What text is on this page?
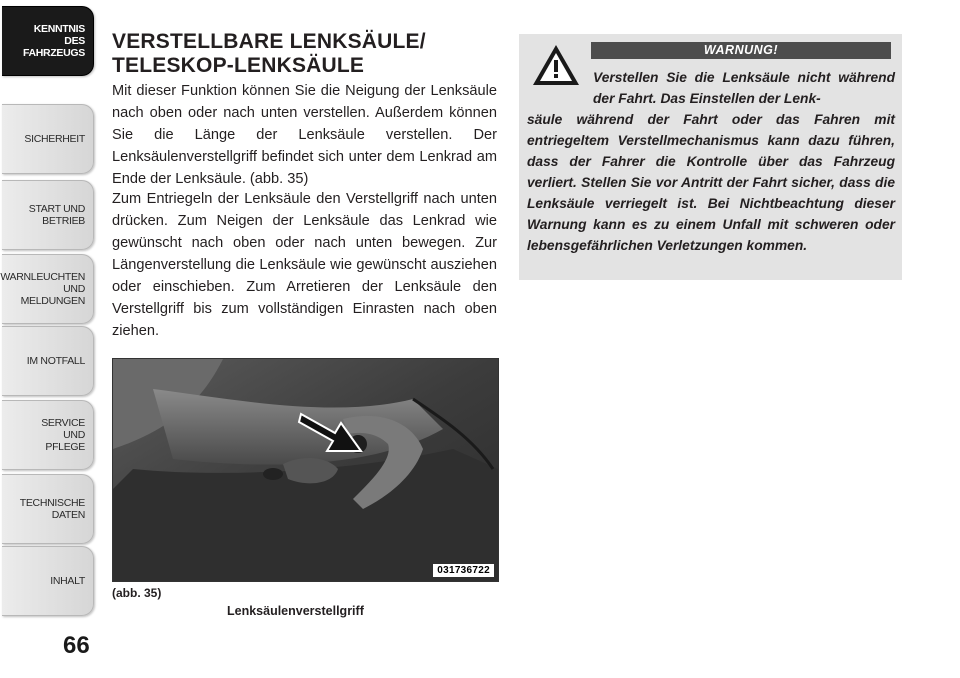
KENNTNIS
DES
FAHRZEUGS
SICHERHEIT
START UND
BETRIEB
WARNLEUCHTEN
UND
MELDUNGEN
IM NOTFALL
SERVICE
UND
PFLEGE
TECHNISCHE
DATEN
INHALT
66
VERSTELLBARE LENKSÄULE/
TELESKOP-LENKSÄULE
Mit dieser Funktion können Sie die Neigung der Lenksäule nach oben oder nach unten verstellen. Außerdem können Sie die Länge der Lenksäule verstellen. Der Lenksäulenverstellgriff befindet sich unter dem Lenkrad am Ende der Lenksäule. (abb. 35)
Zum Entriegeln der Lenksäule den Verstellgriff nach unten drücken. Zum Neigen der Lenksäule das Lenkrad wie gewünscht nach oben oder nach unten bewegen. Zur Längenverstellung die Lenksäule wie gewünscht ausziehen oder einschieben. Zum Arretieren der Lenksäule den Verstellgriff bis zum vollständigen Einrasten nach oben ziehen.
031736722
(abb. 35)
Lenksäulenverstellgriff
WARNUNG!
Verstellen Sie die Lenksäule nicht während der Fahrt. Das Einstellen der Lenk-
säule während der Fahrt oder das Fahren mit entriegeltem Verstellmechanismus kann dazu führen, dass der Fahrer die Kontrolle über das Fahrzeug verliert. Stellen Sie vor Antritt der Fahrt sicher, dass die Lenksäule verriegelt ist. Bei Nichtbeachtung dieser Warnung kann es zu einem Unfall mit schweren oder lebensgefährlichen Verletzungen kommen.
